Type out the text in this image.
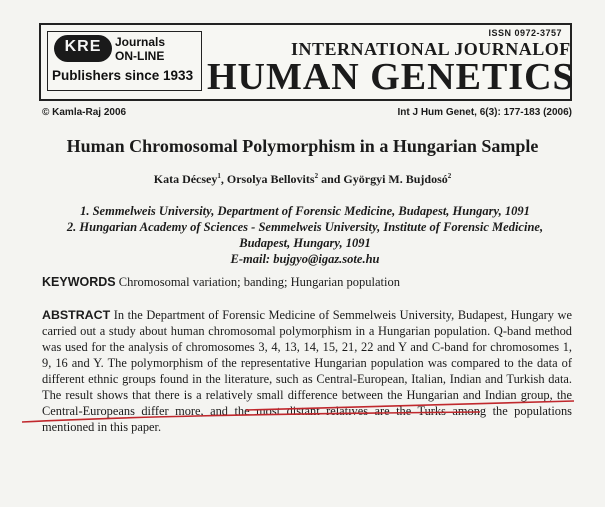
KRE	Journals
ON-LINE
Publishers since 1933
ISSN 0972-3757
INTERNATIONAL JOURNALOF
HUMAN GENETICS
© Kamla-Raj 2006	Int J Hum Genet, 6(3): 177-183 (2006)
Human Chromosomal Polymorphism in a Hungarian Sample
Kata Décsey$^1$, Orsolya Bellovits$^2$ and Györgyi M. Bujdosó$^2$
1. Semmelweis University, Department of Forensic Medicine, Budapest, Hungary, 1091
2. Hungarian Academy of Sciences - Semmelweis University, Institute of Forensic Medicine,
Budapest, Hungary, 1091
E-mail: bujgyo@igaz.sote.hu
KEYWORDS Chromosomal variation; banding; Hungarian population
ABSTRACT In the Department of Forensic Medicine of Semmelweis University, Budapest, Hungary we carried out a study about human chromosomal polymorphism in a Hungarian population. Q-band method was used for the analysis of chromosomes 3, 4, 13, 14, 15, 21, 22 and Y and C-band for chromosomes 1, 9, 16 and Y. The polymorphism of the representative Hungarian population was compared to the data of different ethnic groups found in the literature, such as Central-European, Italian, Indian and Turkish data. The result shows that there is a relatively small difference between the Hungarian and Indian group, the Central-Europeans differ more, and the most distant relatives are the Turks among the populations mentioned in this paper.
